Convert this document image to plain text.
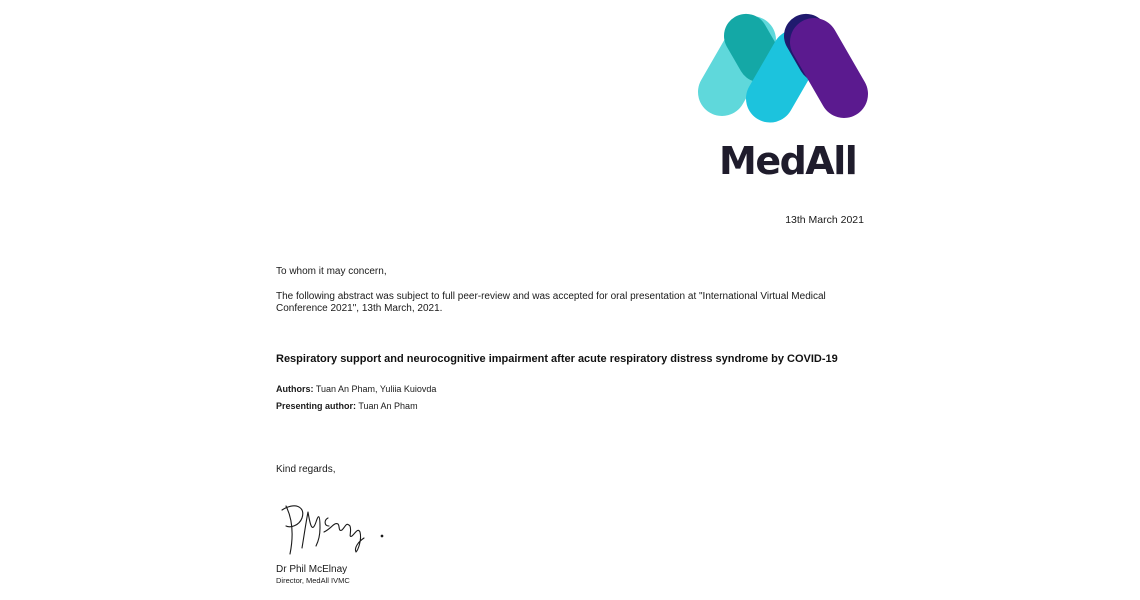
MedAll
13th March 2021
To whom it may concern,
The following abstract was subject to full peer-review and was accepted for oral presentation at "International Virtual Medical Conference 2021", 13th March, 2021.
Respiratory support and neurocognitive impairment after acute respiratory distress syndrome by COVID-19
Authors: Tuan An Pham, Yuliia Kuiovda
Presenting author: Tuan An Pham
Kind regards,
Dr Phil McElnay
Director, MedAll IVMC
